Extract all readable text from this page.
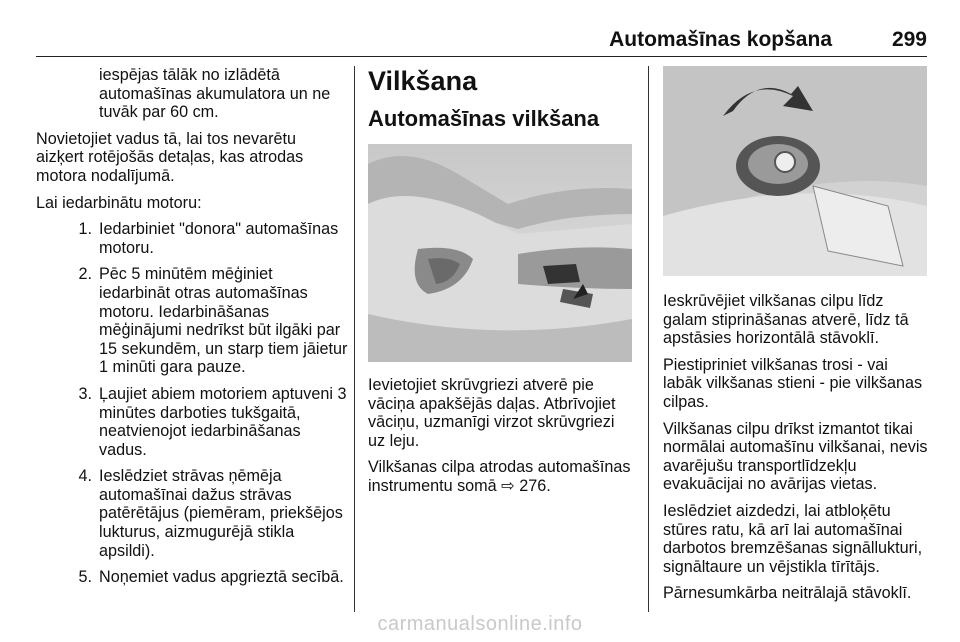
Automašīnas kopšana	299

iespējas tālāk no izlādētā automašīnas akumulatora un ne tuvāk par 60 cm.

Novietojiet vadus tā, lai tos nevarētu aizķert rotējošās detaļas, kas atrodas motora nodalījumā.

Lai iedarbinātu motoru:

1. Iedarbiniet "donora" automašīnas motoru.
2. Pēc 5 minūtēm mēģiniet iedarbināt otras automašīnas motoru. Iedarbināšanas mēģinājumi nedrīkst būt ilgāki par 15 sekundēm, un starp tiem jāietur 1 minūti gara pauze.
3. Ļaujiet abiem motoriem aptuveni 3 minūtes darboties tukšgaitā, neatvienojot iedarbināšanas vadus.
4. Ieslēdziet strāvas ņēmēja automašīnai dažus strāvas patērētājus (piemēram, priekšējos lukturus, aizmugurējā stikla apsildi).
5. Noņemiet vadus apgrieztā secībā.
Vilkšana
Automašīnas vilkšana

Ievietojiet skrūvgriezi atverē pie vāciņa apakšējās daļas. Atbrīvojiet vāciņu, uzmanīgi virzot skrūvgriezi uz leju.

Vilkšanas cilpa atrodas automašīnas instrumentu somā ⇨ 276.

Ieskrūvējiet vilkšanas cilpu līdz galam stiprināšanas atverē, līdz tā apstāsies horizontālā stāvoklī.

Piestipriniet vilkšanas trosi - vai labāk vilkšanas stieni - pie vilkšanas cilpas.

Vilkšanas cilpu drīkst izmantot tikai normālai automašīnu vilkšanai, nevis avarējušu transportlīdzekļu evakuācijai no avārijas vietas.

Ieslēdziet aizdedzi, lai atbloķētu stūres ratu, kā arī lai automašīnai darbotos bremzēšanas signāllukturi, signāltaure un vējstikla tīrītājs.

Pārnesumkārba neitrālajā stāvoklī.

carmanualsonline.info
